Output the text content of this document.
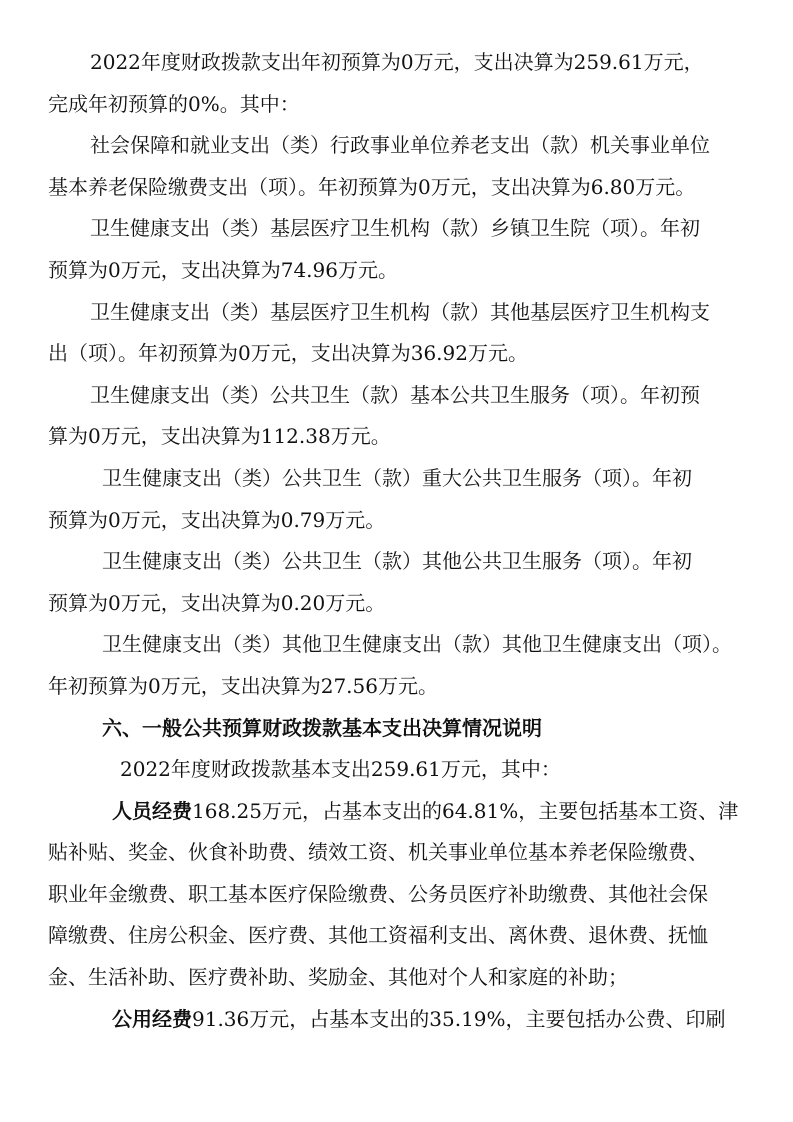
2022年度财政拨款支出年初预算为0万元，支出决算为259.61万元，
完成年初预算的0%。其中：
社会保障和就业支出（类）行政事业单位养老支出（款）机关事业单位
基本养老保险缴费支出（项）。年初预算为0万元，支出决算为6.80万元。
卫生健康支出（类）基层医疗卫生机构（款）乡镇卫生院（项）。年初
预算为0万元，支出决算为74.96万元。
卫生健康支出（类）基层医疗卫生机构（款）其他基层医疗卫生机构支
出（项）。年初预算为0万元，支出决算为36.92万元。
卫生健康支出（类）公共卫生（款）基本公共卫生服务（项）。年初预
算为0万元，支出决算为112.38万元。
卫生健康支出（类）公共卫生（款）重大公共卫生服务（项）。年初
预算为0万元，支出决算为0.79万元。
卫生健康支出（类）公共卫生（款）其他公共卫生服务（项）。年初
预算为0万元，支出决算为0.20万元。
卫生健康支出（类）其他卫生健康支出（款）其他卫生健康支出（项）。
年初预算为0万元，支出决算为27.56万元。
六、一般公共预算财政拨款基本支出决算情况说明
2022年度财政拨款基本支出259.61万元，其中：
人员经费168.25万元，占基本支出的64.81%，主要包括基本工资、津
贴补贴、奖金、伙食补助费、绩效工资、机关事业单位基本养老保险缴费、
职业年金缴费、职工基本医疗保险缴费、公务员医疗补助缴费、其他社会保
障缴费、住房公积金、医疗费、其他工资福利支出、离休费、退休费、抚恤
金、生活补助、医疗费补助、奖励金、其他对个人和家庭的补助；
公用经费91.36万元，占基本支出的35.19%，主要包括办公费、印刷
